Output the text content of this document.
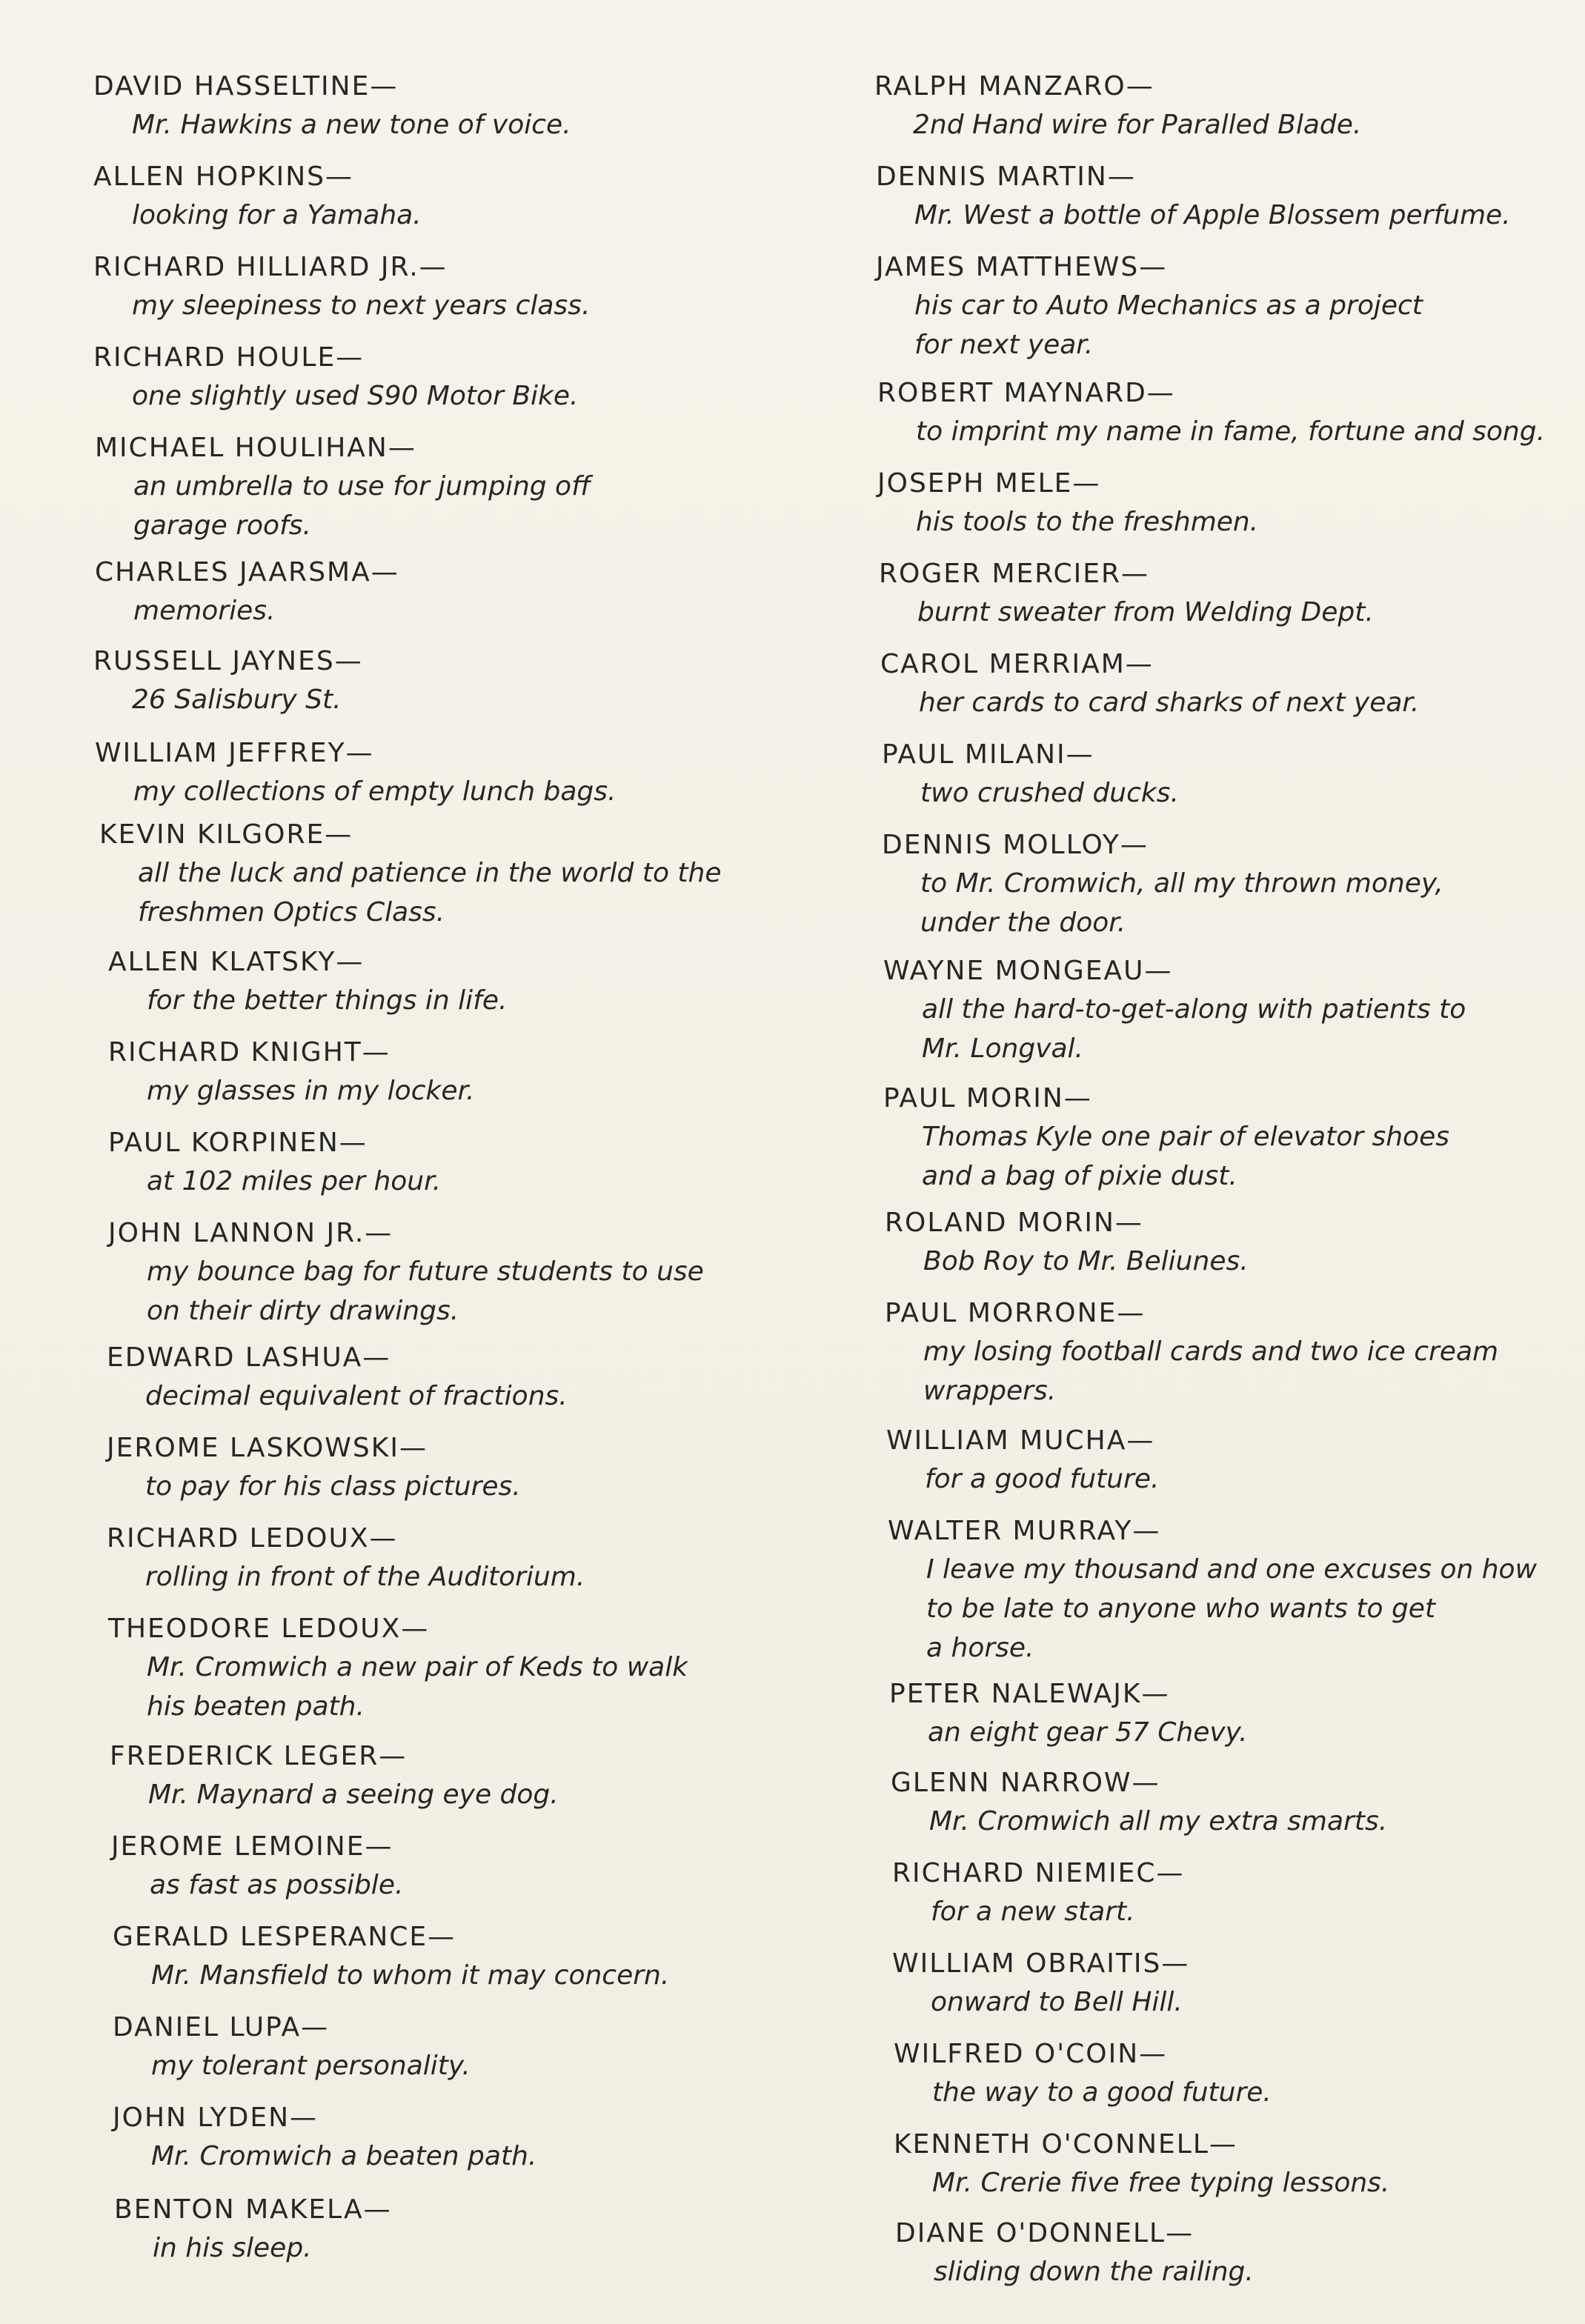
DAVID HASSELTINE—
Mr. Hawkins a new tone of voice.
ALLEN HOPKINS—
looking for a Yamaha.
RICHARD HILLIARD JR.—
my sleepiness to next years class.
RICHARD HOULE—
one slightly used S90 Motor Bike.
MICHAEL HOULIHAN—
an umbrella to use for jumping off
garage roofs.
CHARLES JAARSMA—
memories.
RUSSELL JAYNES—
26 Salisbury St.
WILLIAM JEFFREY—
my collections of empty lunch bags.
KEVIN KILGORE—
all the luck and patience in the world to the
freshmen Optics Class.
ALLEN KLATSKY—
for the better things in life.
RICHARD KNIGHT—
my glasses in my locker.
PAUL KORPINEN—
at 102 miles per hour.
JOHN LANNON JR.—
my bounce bag for future students to use
on their dirty drawings.
EDWARD LASHUA—
decimal equivalent of fractions.
JEROME LASKOWSKI—
to pay for his class pictures.
RICHARD LEDOUX—
rolling in front of the Auditorium.
THEODORE LEDOUX—
Mr. Cromwich a new pair of Keds to walk
his beaten path.
FREDERICK LEGER—
Mr. Maynard a seeing eye dog.
JEROME LEMOINE—
as fast as possible.
GERALD LESPERANCE—
Mr. Mansfield to whom it may concern.
DANIEL LUPA—
my tolerant personality.
JOHN LYDEN—
Mr. Cromwich a beaten path.
BENTON MAKELA—
in his sleep.
RALPH MANZARO—
2nd Hand wire for Paralled Blade.
DENNIS MARTIN—
Mr. West a bottle of Apple Blossem perfume.
JAMES MATTHEWS—
his car to Auto Mechanics as a project
for next year.
ROBERT MAYNARD—
to imprint my name in fame, fortune and song.
JOSEPH MELE—
his tools to the freshmen.
ROGER MERCIER—
burnt sweater from Welding Dept.
CAROL MERRIAM—
her cards to card sharks of next year.
PAUL MILANI—
two crushed ducks.
DENNIS MOLLOY—
to Mr. Cromwich, all my thrown money,
under the door.
WAYNE MONGEAU—
all the hard-to-get-along with patients to
Mr. Longval.
PAUL MORIN—
Thomas Kyle one pair of elevator shoes
and a bag of pixie dust.
ROLAND MORIN—
Bob Roy to Mr. Beliunes.
PAUL MORRONE—
my losing football cards and two ice cream
wrappers.
WILLIAM MUCHA—
for a good future.
WALTER MURRAY—
I leave my thousand and one excuses on how
to be late to anyone who wants to get
a horse.
PETER NALEWAJK—
an eight gear 57 Chevy.
GLENN NARROW—
Mr. Cromwich all my extra smarts.
RICHARD NIEMIEC—
for a new start.
WILLIAM OBRAITIS—
onward to Bell Hill.
WILFRED O'COIN—
the way to a good future.
KENNETH O'CONNELL—
Mr. Crerie five free typing lessons.
DIANE O'DONNELL—
sliding down the railing.
